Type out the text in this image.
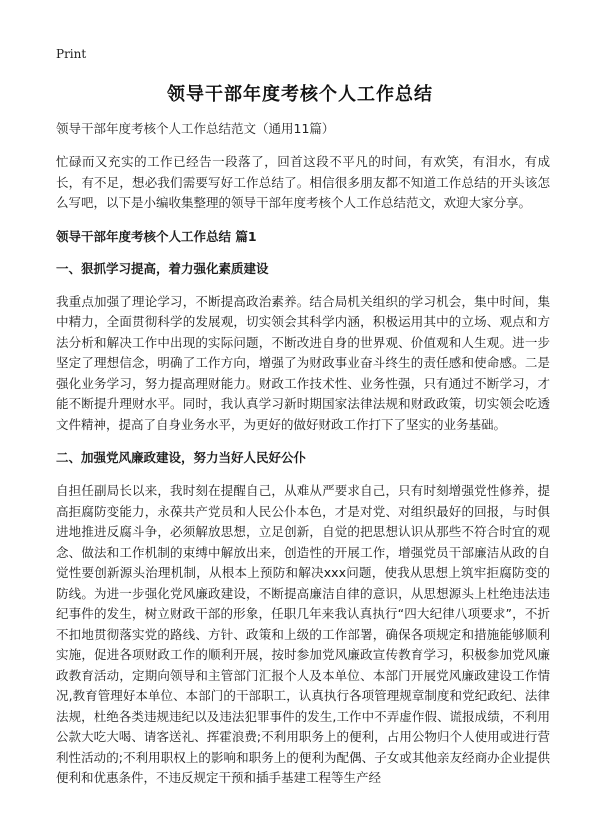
Print
领导干部年度考核个人工作总结
领导干部年度考核个人工作总结范文（通用11篇）

忙碌而又充实的工作已经告一段落了，回首这段不平凡的时间，有欢笑，有泪水，有成长，有不足，想必我们需要写好工作总结了。相信很多朋友都不知道工作总结的开头该怎么写吧，以下是小编收集整理的领导干部年度考核个人工作总结范文，欢迎大家分享。

领导干部年度考核个人工作总结 篇1
一、狠抓学习提高，着力强化素质建设

我重点加强了理论学习，不断提高政治素养。结合局机关组织的学习机会，集中时间，集中精力，全面贯彻科学的发展观，切实领会其科学内涵，积极运用其中的立场、观点和方法分析和解决工作中出现的实际问题，不断改进自身的世界观、价值观和人生观。进一步坚定了理想信念，明确了工作方向，增强了为财政事业奋斗终生的责任感和使命感。二是强化业务学习，努力提高理财能力。财政工作技术性、业务性强，只有通过不断学习，才能不断提升理财水平。同时，我认真学习新时期国家法律法规和财政政策，切实领会吃透文件精神，提高了自身业务水平，为更好的做好财政工作打下了坚实的业务基础。

二、加强党风廉政建设，努力当好人民好公仆

自担任副局长以来，我时刻在提醒自己，从难从严要求自己，只有时刻增强党性修养，提高拒腐防变能力，永葆共产党员和人民公仆本色，才是对党、对组织最好的回报，与时俱进地推进反腐斗争，必须解放思想，立足创新，自觉的把思想认识从那些不符合时宜的观念、做法和工作机制的束缚中解放出来，创造性的开展工作，增强党员干部廉洁从政的自觉性要创新源头治理机制，从根本上预防和解决xxx问题，使我从思想上筑牢拒腐防变的防线。为进一步强化党风廉政建设，不断提高廉洁自律的意识，从思想源头上杜绝违法违纪事件的发生，树立财政干部的形象，任职几年来我认真执行“四大纪律八项要求”，不折不扣地贯彻落实党的路线、方针、政策和上级的工作部署，确保各项规定和措施能够顺利实施，促进各项财政工作的顺利开展，按时参加党风廉政宣传教育学习，积极参加党风廉政教育活动，定期向领导和主管部门汇报个人及本单位、本部门开展党风廉政建设工作情况,教育管理好本单位、本部门的干部职工，认真执行各项管理规章制度和党纪政纪、法律法规，杜绝各类违规违纪以及违法犯罪事件的发生,工作中不弄虚作假、谎报成绩，不利用公款大吃大喝、请客送礼、挥霍浪费;不利用职务上的便利，占用公物归个人使用或进行营利性活动的;不利用职权上的影响和职务上的便利为配偶、子女或其他亲友经商办企业提供便利和优惠条件，不违反规定干预和插手基建工程等生产经
